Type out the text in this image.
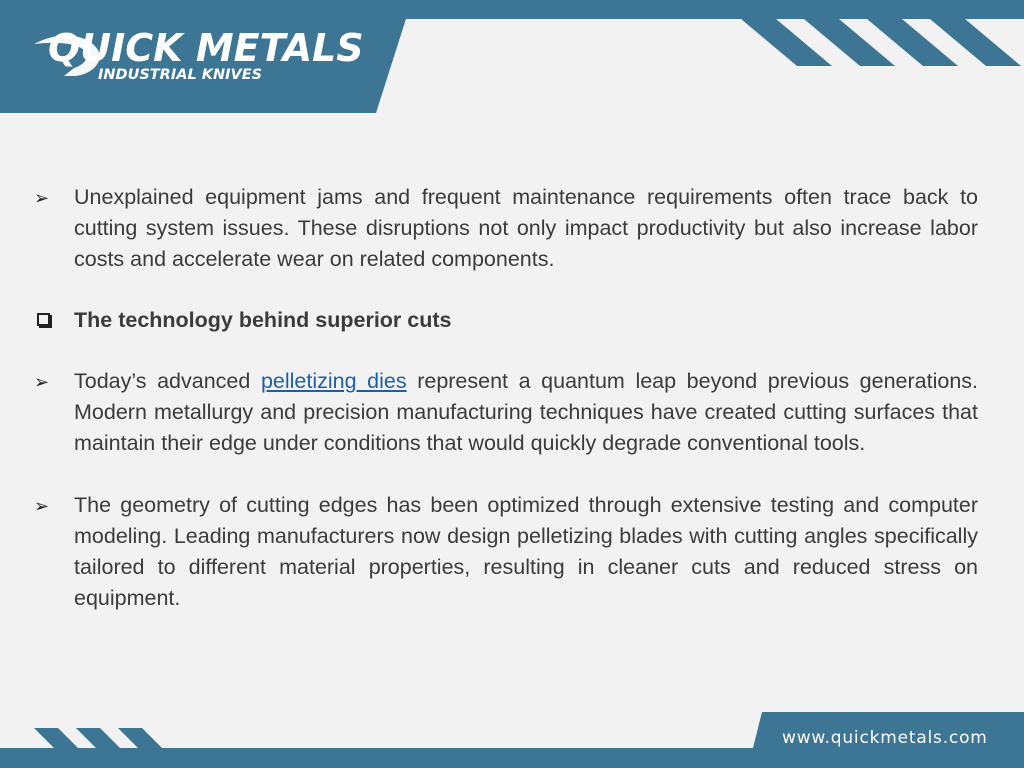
QUICK METALS
INDUSTRIAL KNIVES
➢ Unexplained equipment jams and frequent maintenance requirements often trace back to cutting system issues. These disruptions not only impact productivity but also increase labor costs and accelerate wear on related components.
The technology behind superior cuts
➢ Today’s advanced pelletizing dies represent a quantum leap beyond previous generations. Modern metallurgy and precision manufacturing techniques have created cutting surfaces that maintain their edge under conditions that would quickly degrade conventional tools.
➢ The geometry of cutting edges has been optimized through extensive testing and computer modeling. Leading manufacturers now design pelletizing blades with cutting angles specifically tailored to different material properties, resulting in cleaner cuts and reduced stress on equipment.
www.quickmetals.com
